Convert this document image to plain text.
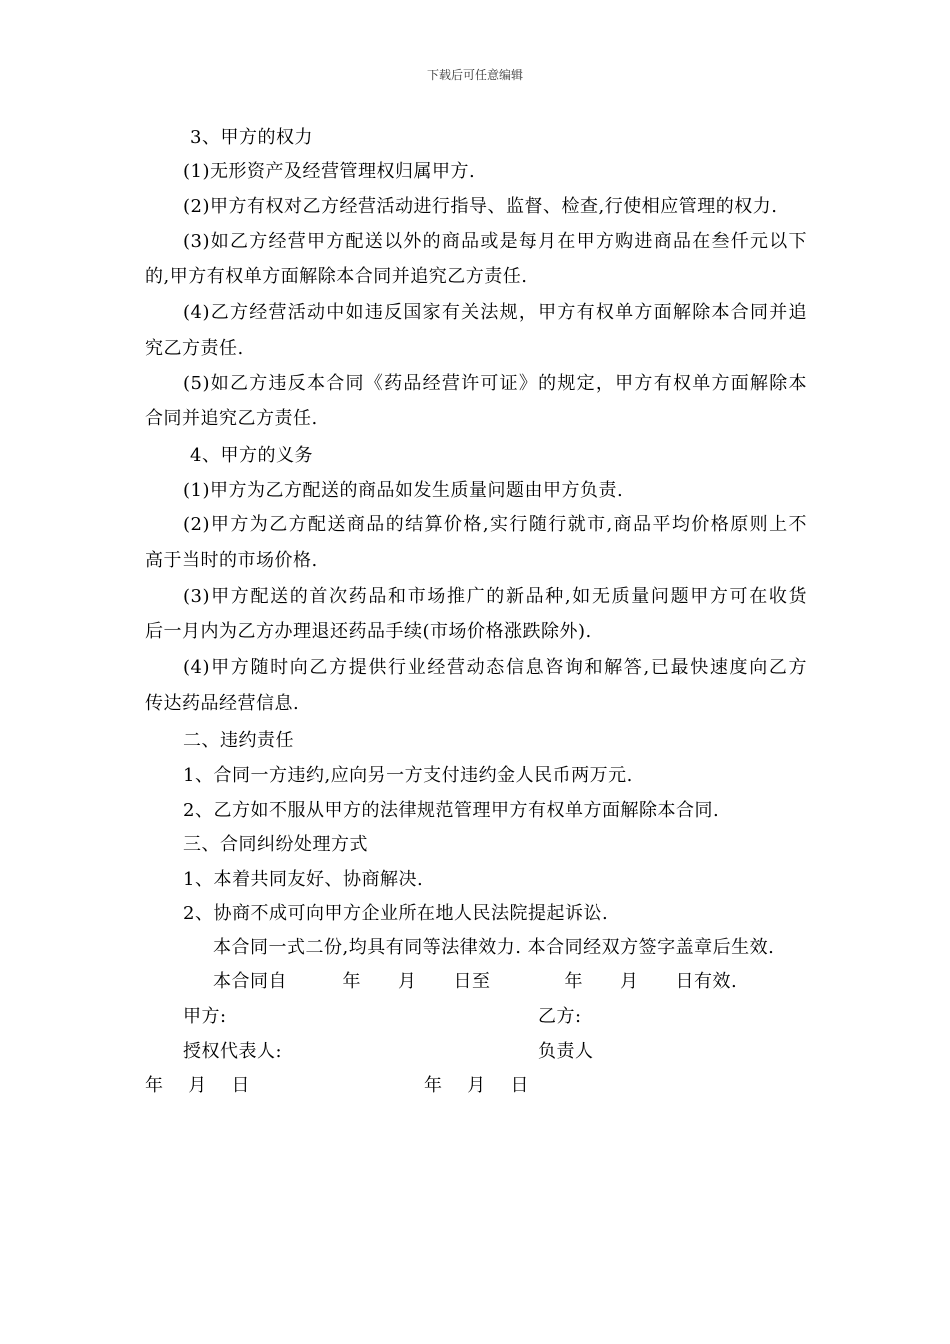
下载后可任意编辑
3、甲方的权力
(1)无形资产及经营管理权归属甲方.
(2)甲方有权对乙方经营活动进行指导、监督、检查,行使相应管理的权力.
(3)如乙方经营甲方配送以外的商品或是每月在甲方购进商品在叁仟元以下
的,甲方有权单方面解除本合同并追究乙方责任.
(4)乙方经营活动中如违反国家有关法规，甲方有权单方面解除本合同并追
究乙方责任.
(5)如乙方违反本合同《药品经营许可证》的规定，甲方有权单方面解除本
合同并追究乙方责任.
4、甲方的义务
(1)甲方为乙方配送的商品如发生质量问题由甲方负责.
(2)甲方为乙方配送商品的结算价格,实行随行就市,商品平均价格原则上不
高于当时的市场价格.
(3)甲方配送的首次药品和市场推广的新品种,如无质量问题甲方可在收货
后一月内为乙方办理退还药品手续(市场价格涨跌除外).
(4)甲方随时向乙方提供行业经营动态信息咨询和解答,已最快速度向乙方
传达药品经营信息.
二、违约责任
1、合同一方违约,应向另一方支付违约金人民币两万元.
2、乙方如不服从甲方的法律规范管理甲方有权单方面解除本合同.
三、合同纠纷处理方式
1、本着共同友好、协商解决.
2、协商不成可向甲方企业所在地人民法院提起诉讼.
本合同一式二份,均具有同等法律效力. 本合同经双方签字盖章后生效.
本合同自　　　年　　月　　日至　　　　年　　月　　日有效.
甲方:	乙方:
授权代表人:	负责人
年　 月　 日	年　 月　 日
